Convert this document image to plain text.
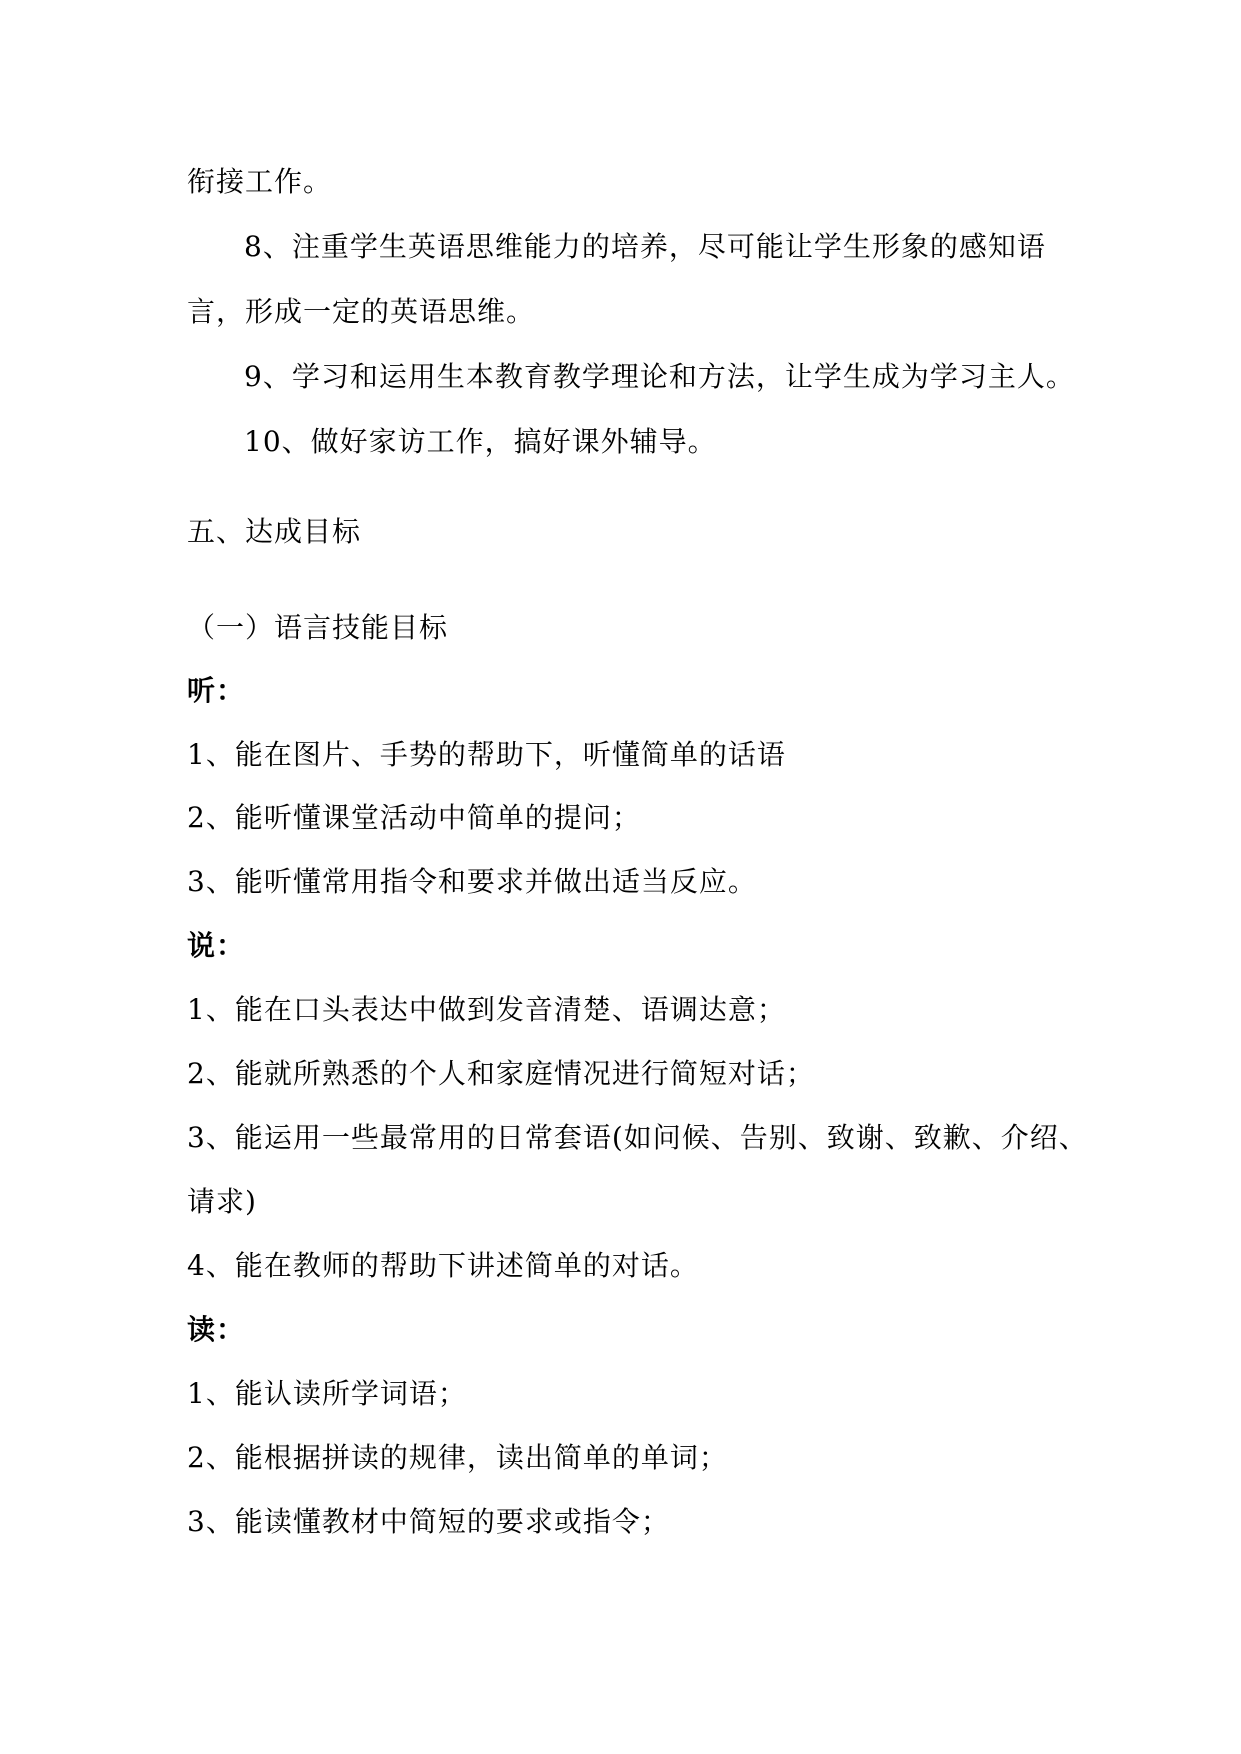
衔接工作。
8、注重学生英语思维能力的培养，尽可能让学生形象的感知语
言，形成一定的英语思维。
9、学习和运用生本教育教学理论和方法，让学生成为学习主人。
10、做好家访工作，搞好课外辅导。
五、达成目标
（一）语言技能目标
听：
1、能在图片、手势的帮助下，听懂简单的话语
2、能听懂课堂活动中简单的提问；
3、能听懂常用指令和要求并做出适当反应。
说：
1、能在口头表达中做到发音清楚、语调达意；
2、能就所熟悉的个人和家庭情况进行简短对话；
3、能运用一些最常用的日常套语(如问候、告别、致谢、致歉、介绍、
请求)
4、能在教师的帮助下讲述简单的对话。
读：
1、能认读所学词语；
2、能根据拼读的规律，读出简单的单词；
3、能读懂教材中简短的要求或指令；
